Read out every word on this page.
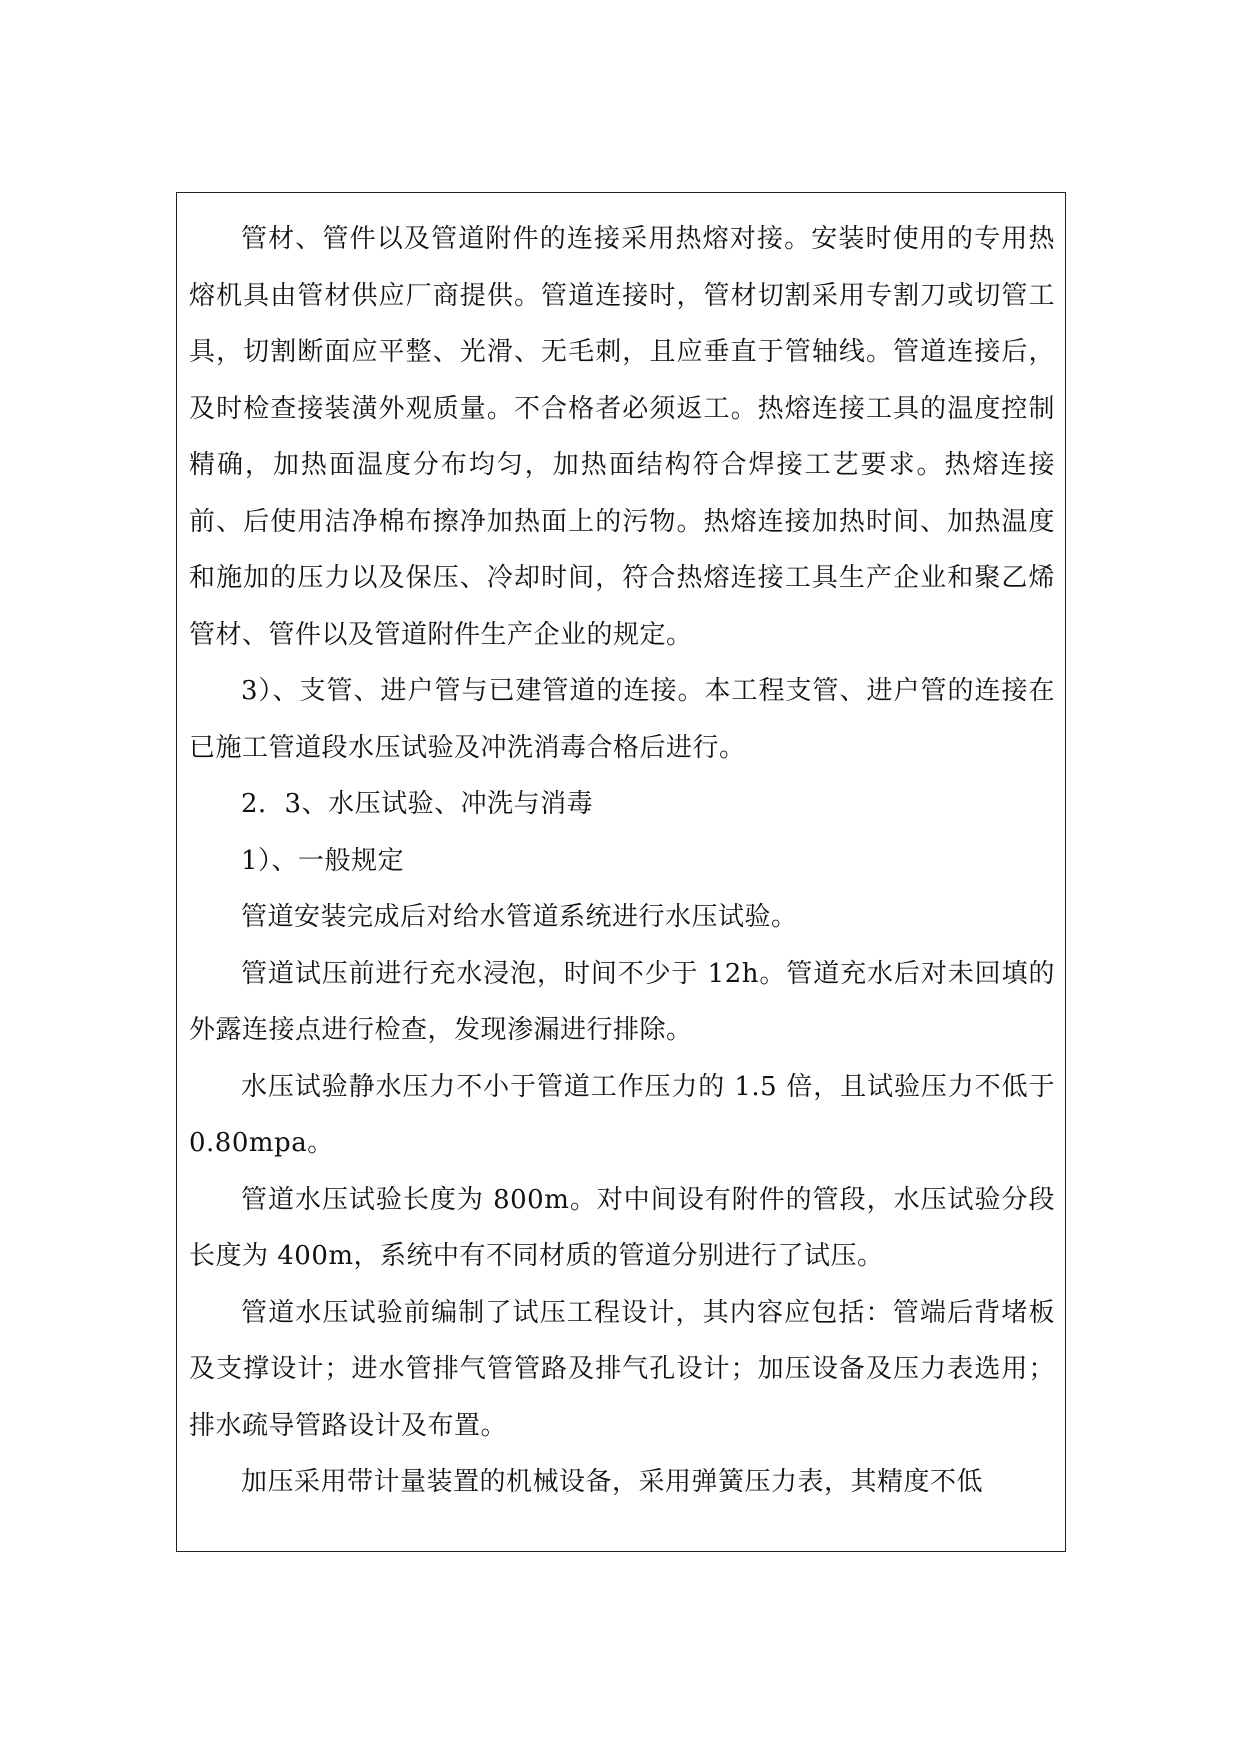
管材、管件以及管道附件的连接采用热熔对接。安装时使用的专用热熔机具由管材供应厂商提供。管道连接时，管材切割采用专割刀或切管工具，切割断面应平整、光滑、无毛刺，且应垂直于管轴线。管道连接后，及时检查接装潢外观质量。不合格者必须返工。热熔连接工具的温度控制精确，加热面温度分布均匀，加热面结构符合焊接工艺要求。热熔连接前、后使用洁净棉布擦净加热面上的污物。热熔连接加热时间、加热温度和施加的压力以及保压、冷却时间，符合热熔连接工具生产企业和聚乙烯管材、管件以及管道附件生产企业的规定。

3）、支管、进户管与已建管道的连接。本工程支管、进户管的连接在已施工管道段水压试验及冲洗消毒合格后进行。

2．3、水压试验、冲洗与消毒

1）、一般规定

管道安装完成后对给水管道系统进行水压试验。

管道试压前进行充水浸泡，时间不少于 12h。管道充水后对未回填的外露连接点进行检查，发现渗漏进行排除。

水压试验静水压力不小于管道工作压力的 1.5 倍，且试验压力不低于 0.80mpa。

管道水压试验长度为 800m。对中间设有附件的管段，水压试验分段长度为 400m，系统中有不同材质的管道分别进行了试压。

管道水压试验前编制了试压工程设计，其内容应包括：管端后背堵板及支撑设计；进水管排气管管路及排气孔设计；加压设备及压力表选用；排水疏导管路设计及布置。

加压采用带计量装置的机械设备，采用弹簧压力表，其精度不低
